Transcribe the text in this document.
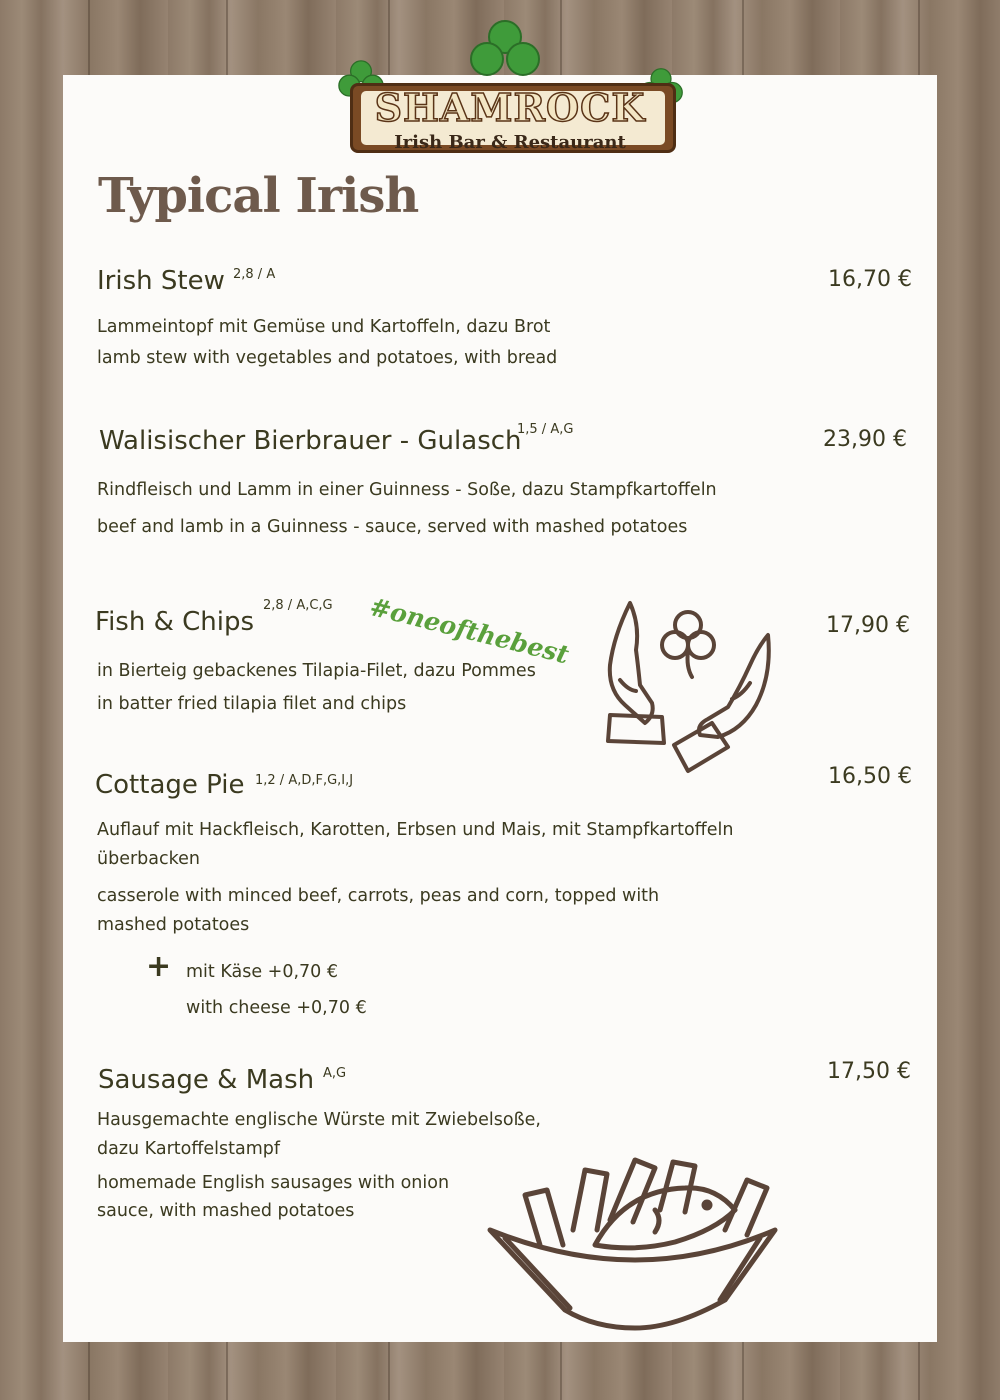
SHAMROCK
Irish Bar & Restaurant
Typical Irish
Irish Stew 2,8 / A	16,70 €

Lammeintopf mit Gemüse und Kartoffeln, dazu Brot

lamb stew with vegetables and potatoes, with bread

Walisischer Bierbrauer - Gulasch
1,5 / A,G	23,90 €

Rindfleisch und Lamm in einer Guinness - Soße, dazu Stampfkartoffeln

beef and lamb in a Guinness - sauce, served with mashed potatoes

Fish & Chips
2,8 / A,C,G #oneofthebest	17,90 €

in Bierteig gebackenes Tilapia-Filet, dazu Pommes

in batter fried tilapia filet and chips

Cottage Pie 1,2 / A,D,F,G,I,J	16,50 €

Auflauf mit Hackfleisch, Karotten, Erbsen und Mais, mit Stampfkartoffeln

überbacken

casserole with minced beef, carrots, peas and corn, topped with

mashed potatoes

+ mit Käse +0,70 €

with cheese +0,70 €

Sausage & Mash A,G	17,50 €

Hausgemachte englische Würste mit Zwiebelsoße,

dazu Kartoffelstampf

homemade English sausages with onion

sauce, with mashed potatoes
